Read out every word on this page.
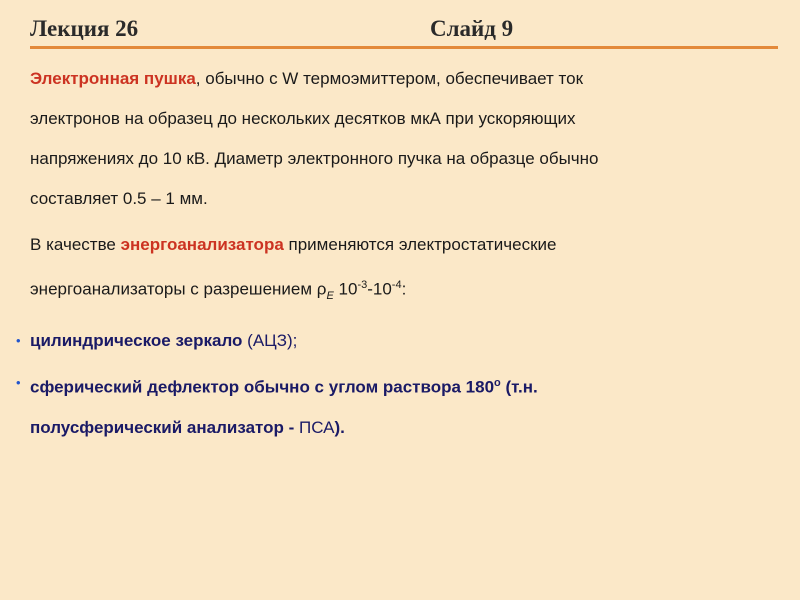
Лекция 26	Слайд 9

Электронная пушка, обычно с W термоэмиттером, обеспечивает ток
электронов на образец до нескольких десятков мкА при ускоряющих
напряжениях до 10 кВ. Диаметр электронного пучка на образце обычно
составляет 0.5 – 1 мм.

В качестве энергоанализатора применяются электростатические
энергоанализаторы с разрешением $\rho_E$ $10^{-3}-10^{-4}$:

• цилиндрическое зеркало (АЦЗ);
• сферический дефлектор обычно с углом раствора $180^о$ (т.н.
полусферический анализатор - ПСА).
